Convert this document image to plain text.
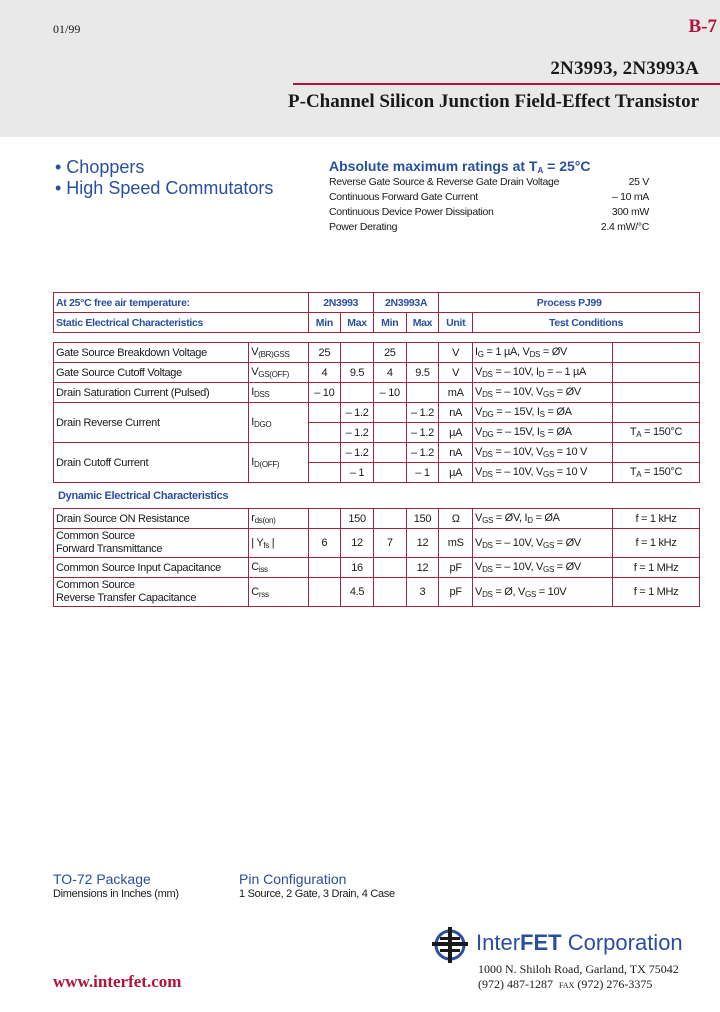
01/99	B-7
2N3993, 2N3993A
P-Channel Silicon Junction Field-Effect Transistor
• Choppers
• High Speed Commutators
Absolute maximum ratings at $T_A = 25^\circ C$
Reverse Gate Source & Reverse Gate Drain Voltage	25 V
Continuous Forward Gate Current	– 10 mA
Continuous Device Power Dissipation	300 mW
Power Derating	2.4 mW/°C
At 25°C free air temperature:		2N3993		2N3993A		Process PJ99		
Static Electrical Characteristics		Min	Max	Min	Max	Unit	Test Conditions	

Gate Source Breakdown Voltage	$V_{(BR)GSS}$	25		25		V	$I_G = 1$ µA, $V_{DS}$ = ØV	
Gate Source Cutoff Voltage	$V_{GS(OFF)}$	4	9.5	4	9.5	V	$V_{DS}$ = – 10V, $I_D$ = – 1 µA	
Drain Saturation Current (Pulsed)	$I_{DSS}$	– 10		– 10		mA	$V_{DS}$ = – 10V, $V_{GS}$ = ØV	
Drain Reverse Current	$I_{DGO}$		– 1.2		– 1.2	nA	$V_{DG}$ = – 15V, $I_S$ = ØA	
			– 1.2		– 1.2	µA	$V_{DG}$ = – 15V, $I_S$ = ØA	$T_A = 150^\circ C$
Drain Cutoff Current	$I_{D(OFF)}$		– 1.2		– 1.2	nA	$V_{DS}$ = – 10V, $V_{GS} = 10$ V	
			– 1		– 1	µA	$V_{DS}$ = – 10V, $V_{GS} = 10$ V	$T_A = 150^\circ C$
Dynamic Electrical Characteristics
Drain Source ON Resistance	$r_{ds(on)}$		150		150	Ω	$V_{GS}$ = ØV, $I_D$ = ØA	f = 1 kHz

Common Source
Forward Transmittance	| $Y_{fs}$ |	6	12	7	12	mS	$V_{DS}$ = – 10V, $V_{GS}$ = ØV	f = 1 kHz
Common Source Input Capacitance	$C_{iss}$		16		12	pF	$V_{DS}$ = – 10V, $V_{GS}$ = ØV	f = 1 MHz

Common Source
Reverse Transfer Capacitance	$C_{rss}$		4.5		3	pF	$V_{DS}$ = Ø, $V_{GS} = 10V$	f = 1 MHz
TO-72 Package
Dimensions in Inches (mm)
Pin Configuration
1 Source, 2 Gate, 3 Drain, 4 Case
InterFET Corporation
1000 N. Shiloh Road, Garland, TX 75042
(972) 487-1287 FAX (972) 276-3375
www.interfet.com
